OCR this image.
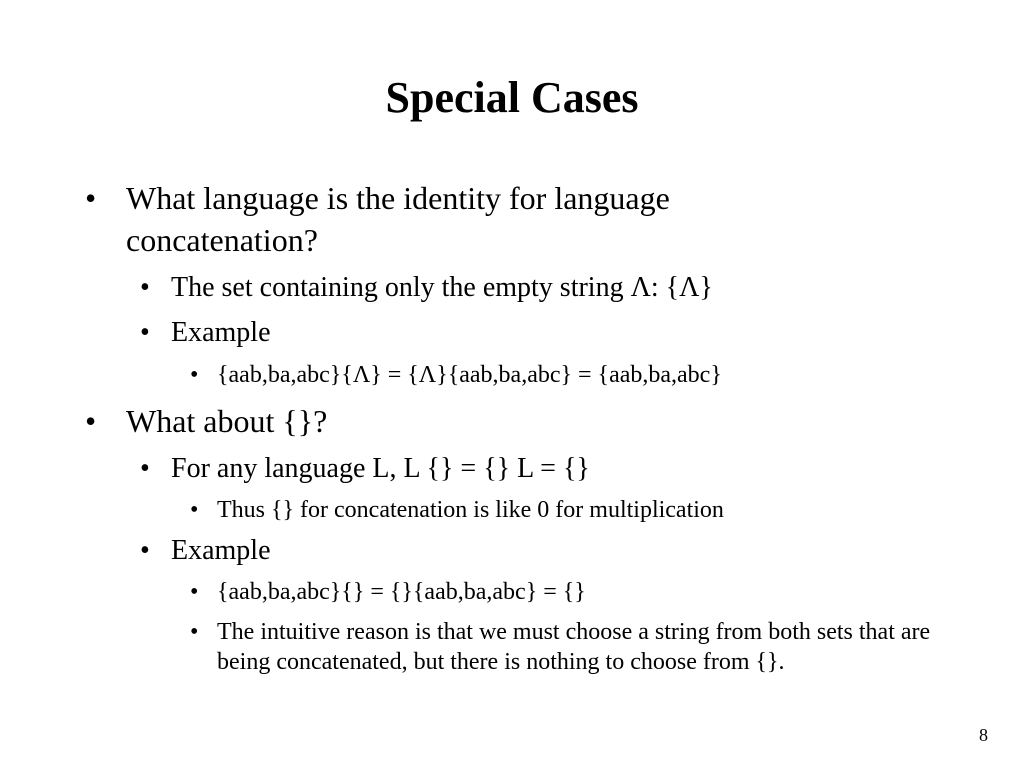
Special Cases
• What language is the identity for language concatenation?
• The set containing only the empty string Λ: {Λ}
• Example
• {aab,ba,abc}{Λ} = {Λ}{aab,ba,abc} = {aab,ba,abc}
• What about {}?
• For any language L, L {} = {} L = {}
• Thus {} for concatenation is like 0 for multiplication
• Example
• {aab,ba,abc}{} = {}{aab,ba,abc} = {}
• The intuitive reason is that we must choose a string from both sets that are being concatenated, but there is nothing to choose from {}.
8
